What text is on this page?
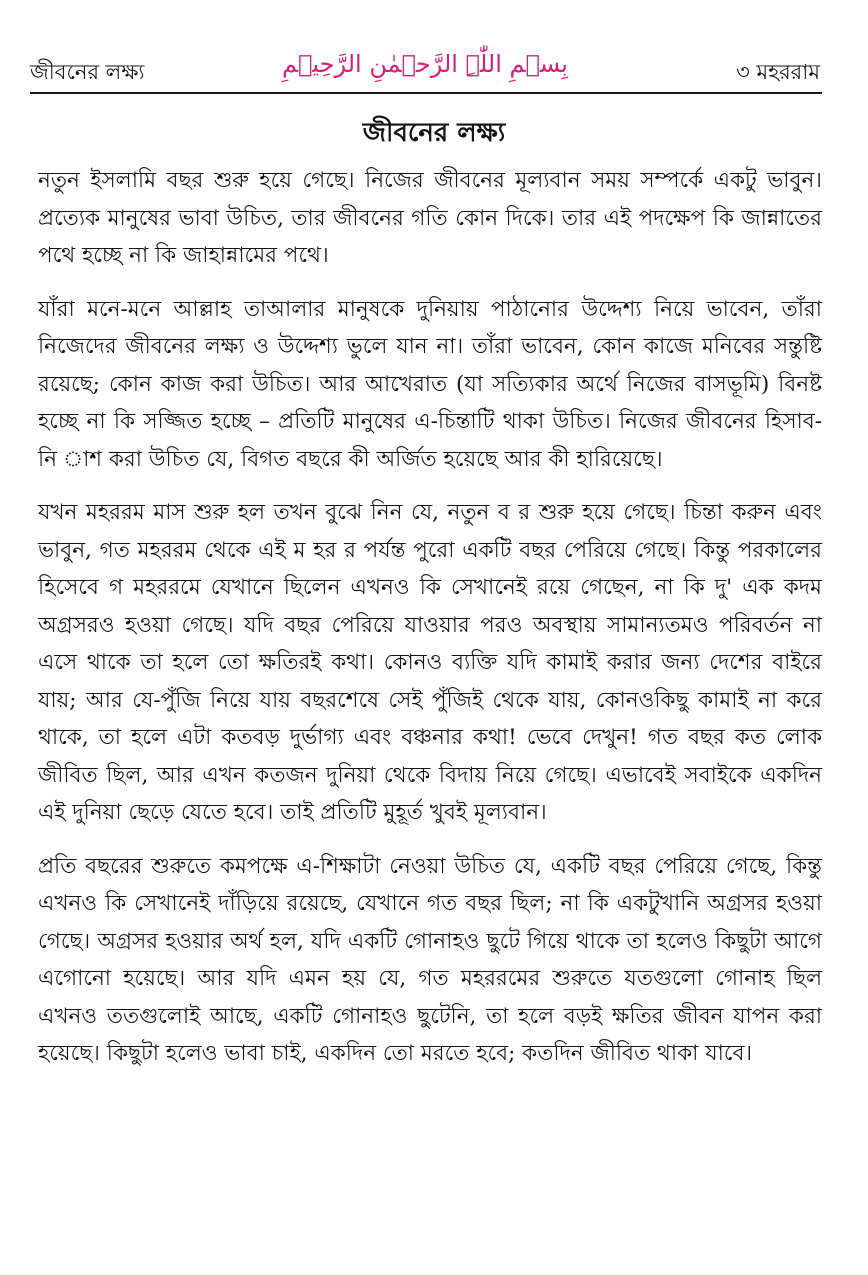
জীবনের লক্ষ্য	بِسۡمِ اللّٰہِ الرَّحۡمٰنِ الرَّحِیۡمِ	৩ মহররাম
জীবনের লক্ষ্য

নতুন ইসলামি বছর শুরু হয়ে গেছে। নিজের জীবনের মূল্যবান সময় সম্পর্কে একটু ভাবুন। প্রত্যেক মানুষের ভাবা উচিত, তার জীবনের গতি কোন দিকে। তার এই পদক্ষেপ কি জান্নাতের পথে হচ্ছে না কি জাহান্নামের পথে।

যাঁরা মনে-মনে আল্লাহ তাআলার মানুষকে দুনিয়ায় পাঠানোর উদ্দেশ্য নিয়ে ভাবেন, তাঁরা নিজেদের জীবনের লক্ষ্য ও উদ্দেশ্য ভুলে যান না। তাঁরা ভাবেন, কোন কাজে মনিবের সন্তুষ্টি রয়েছে; কোন কাজ করা উচিত। আর আখেরাত (যা সত্যিকার অর্থে নিজের বাসভূমি) বিনষ্ট হচ্ছে না কি সজ্জিত হচ্ছে – প্রতিটি মানুষের এ-চিন্তাটি থাকা উচিত। নিজের জীবনের হিসাব-নি াশ করা উচিত যে, বিগত বছরে কী অর্জিত হয়েছে আর কী হারিয়েছে।

যখন মহররম মাস শুরু হল তখন বুঝে নিন যে, নতুন ব র শুরু হয়ে গেছে। চিন্তা করুন এবং ভাবুন, গত মহররম থেকে এই ম হর র পর্যন্ত পুরো একটি বছর পেরিয়ে গেছে। কিন্তু পরকালের হিসেবে গ মহররমে যেখানে ছিলেন এখনও কি সেখানেই রয়ে গেছেন, না কি দু' এক কদম অগ্রসরও হওয়া গেছে। যদি বছর পেরিয়ে যাওয়ার পরও অবস্থায় সামান্যতমও পরিবর্তন না এসে থাকে তা হলে তো ক্ষতিরই কথা। কোনও ব্যক্তি যদি কামাই করার জন্য দেশের বাইরে যায়; আর যে-পুঁজি নিয়ে যায় বছরশেষে সেই পুঁজিই থেকে যায়, কোনওকিছু কামাই না করে থাকে, তা হলে এটা কতবড় দুর্ভাগ্য এবং বঞ্চনার কথা! ভেবে দেখুন! গত বছর কত লোক জীবিত ছিল, আর এখন কতজন দুনিয়া থেকে বিদায় নিয়ে গেছে। এভাবেই সবাইকে একদিন এই দুনিয়া ছেড়ে যেতে হবে। তাই প্রতিটি মুহূর্ত খুবই মূল্যবান।

প্রতি বছরের শুরুতে কমপক্ষে এ-শিক্ষাটা নেওয়া উচিত যে, একটি বছর পেরিয়ে গেছে, কিন্তু এখনও কি সেখানেই দাঁড়িয়ে রয়েছে, যেখানে গত বছর ছিল; না কি একটুখানি অগ্রসর হওয়া গেছে। অগ্রসর হওয়ার অর্থ হল, যদি একটি গোনাহও ছুটে গিয়ে থাকে তা হলেও কিছুটা আগে এগোনো হয়েছে। আর যদি এমন হয় যে, গত মহররমের শুরুতে যতগুলো গোনাহ ছিল এখনও ততগুলোই আছে, একটি গোনাহও ছুটেনি, তা হলে বড়ই ক্ষতির জীবন যাপন করা হয়েছে। কিছুটা হলেও ভাবা চাই, একদিন তো মরতে হবে; কতদিন জীবিত থাকা যাবে।
